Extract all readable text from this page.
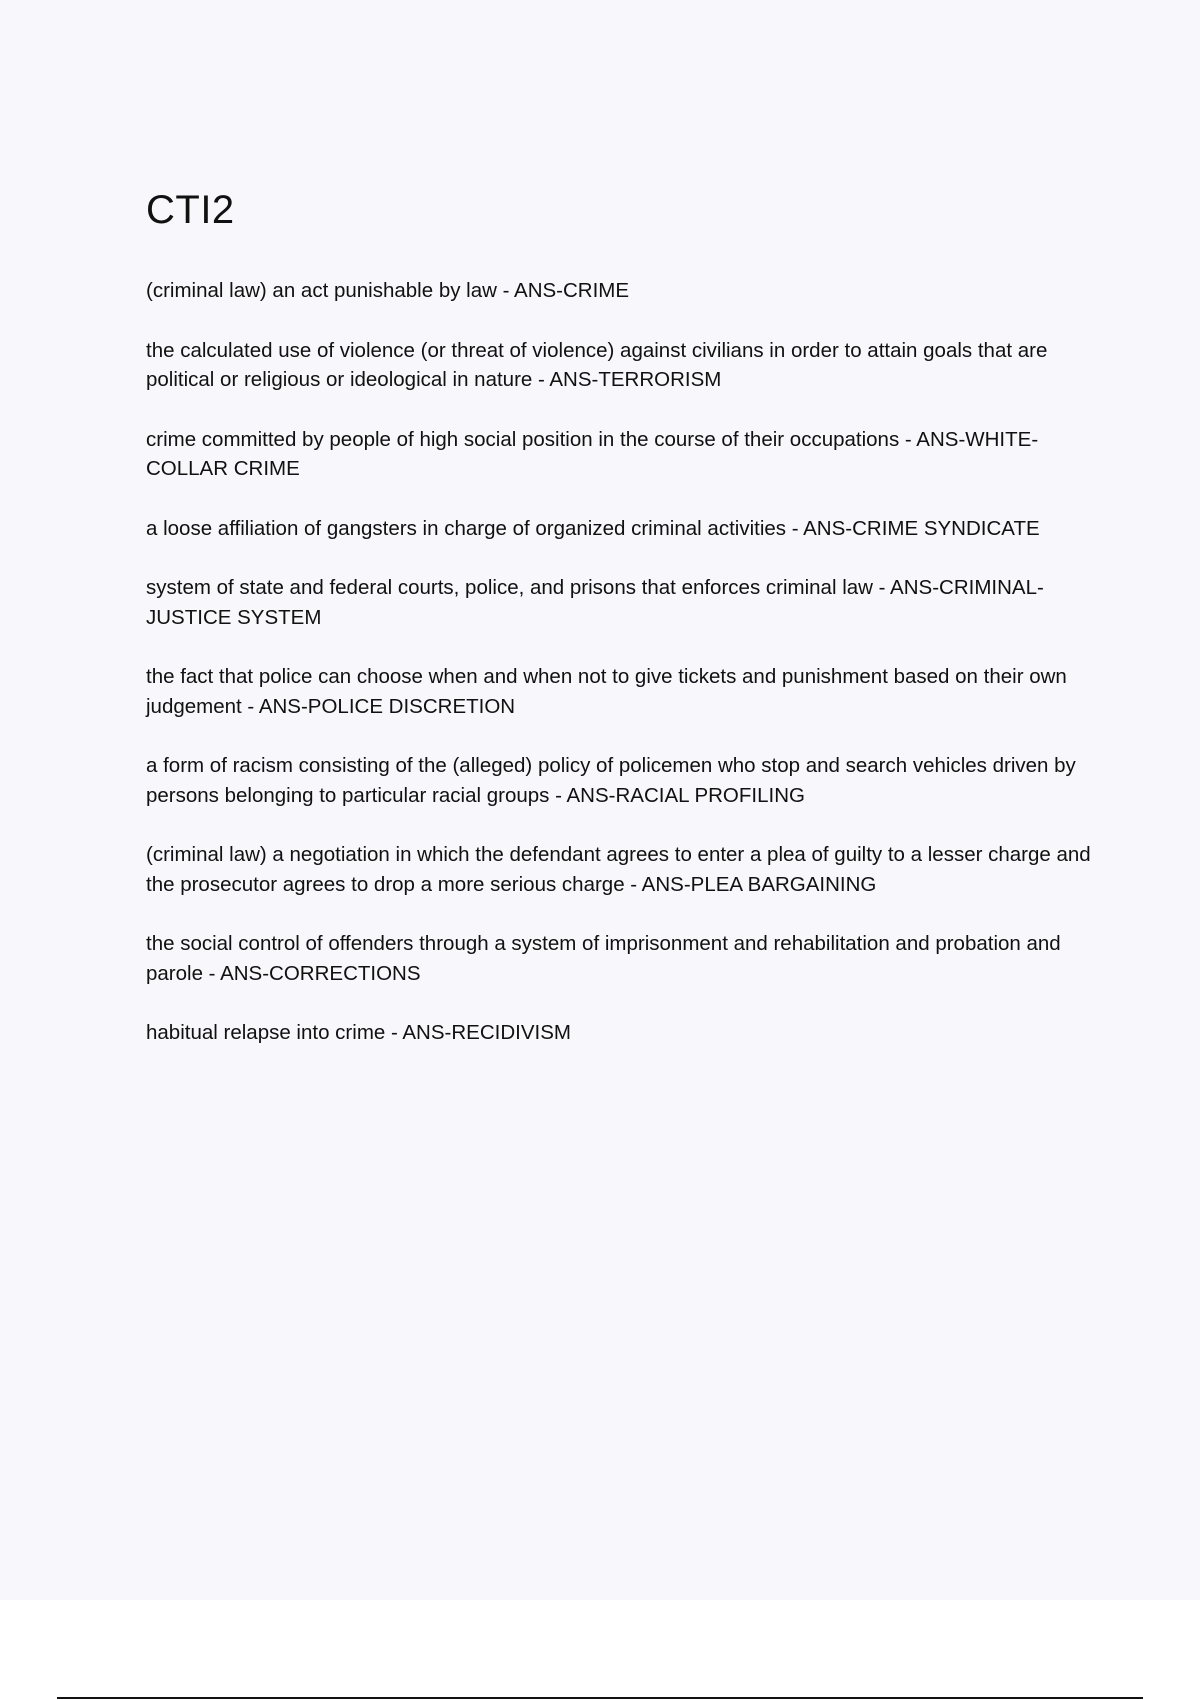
CTI2
(criminal law) an act punishable by law - ANS-CRIME
the calculated use of violence (or threat of violence) against civilians in order to attain goals that are political or religious or ideological in nature - ANS-TERRORISM
crime committed by people of high social position in the course of their occupations - ANS-WHITE-COLLAR CRIME
a loose affiliation of gangsters in charge of organized criminal activities - ANS-CRIME SYNDICATE
system of state and federal courts, police, and prisons that enforces criminal law - ANS-CRIMINAL-JUSTICE SYSTEM
the fact that police can choose when and when not to give tickets and punishment based on their own judgement - ANS-POLICE DISCRETION
a form of racism consisting of the (alleged) policy of policemen who stop and search vehicles driven by persons belonging to particular racial groups - ANS-RACIAL PROFILING
(criminal law) a negotiation in which the defendant agrees to enter a plea of guilty to a lesser charge and the prosecutor agrees to drop a more serious charge - ANS-PLEA BARGAINING
the social control of offenders through a system of imprisonment and rehabilitation and probation and parole - ANS-CORRECTIONS
habitual relapse into crime - ANS-RECIDIVISM
